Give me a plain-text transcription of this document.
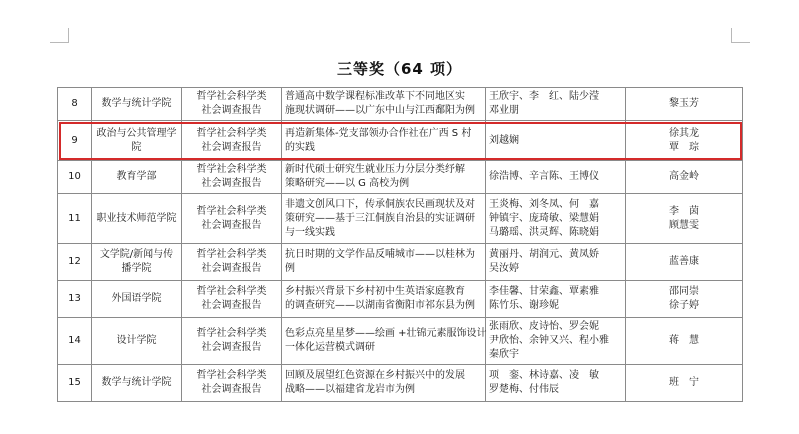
三等奖（64 项）
8	数学与统计学院	哲学社会科学类
社会调查报告	普通高中数学课程标准改革下不同地区实
施现状调研——以广东中山与江西鄱阳为例	王欣宇、李　红、陆少滢
邓业朋	黎玉芳

9	政治与公共管理学
院	哲学社会科学类
社会调查报告	再造新集体-党支部领办合作社在广西 S 村
的实践	刘越娴	徐其龙
覃　琮

10	教育学部	哲学社会科学类
社会调查报告	新时代硕士研究生就业压力分层分类纾解
策略研究——以 G 高校为例	徐浩博、辛言陈、王博仪	高金岭

11	职业技术师范学院	哲学社会科学类
社会调查报告	非遗文创风口下，传承侗族农民画现状及对
策研究——基于三江侗族自治县的实证调研
与一线实践	王炎梅、刘冬凤、何　嘉
钟镇宇、庞琦敏、梁慧娟
马璐瑶、洪灵辉、陈晓娟	李　茵
顾慧雯

12	文学院/新闻与传
播学院	哲学社会科学类
社会调查报告	抗日时期的文学作品反哺城市——以桂林为
例	黄丽丹、胡润元、黄凤娇
吴汝婷	蓝善康

13	外国语学院	哲学社会科学类
社会调查报告	乡村振兴背景下乡村初中生英语家庭教育
的调查研究——以湖南省衡阳市祁东县为例	李佳馨、甘荣鑫、覃素雅
陈竹乐、谢珍妮	邵同崇
徐子婷

14	设计学院	哲学社会科学类
社会调查报告	色彩点亮星星梦——绘画 +壮锦元素服饰设计
一体化运营模式调研	张雨欣、皮诗怡、罗会妮
尹欣怡、余钟又兴、程小雅
秦欣宇	蒋　慧

15	数学与统计学院	哲学社会科学类
社会调查报告	回顾及展望红色资源在乡村振兴中的发展
战略——以福建省龙岩市为例	项　銮、林诗嘉、凌　敏
罗楚梅、付伟辰	班　宁
